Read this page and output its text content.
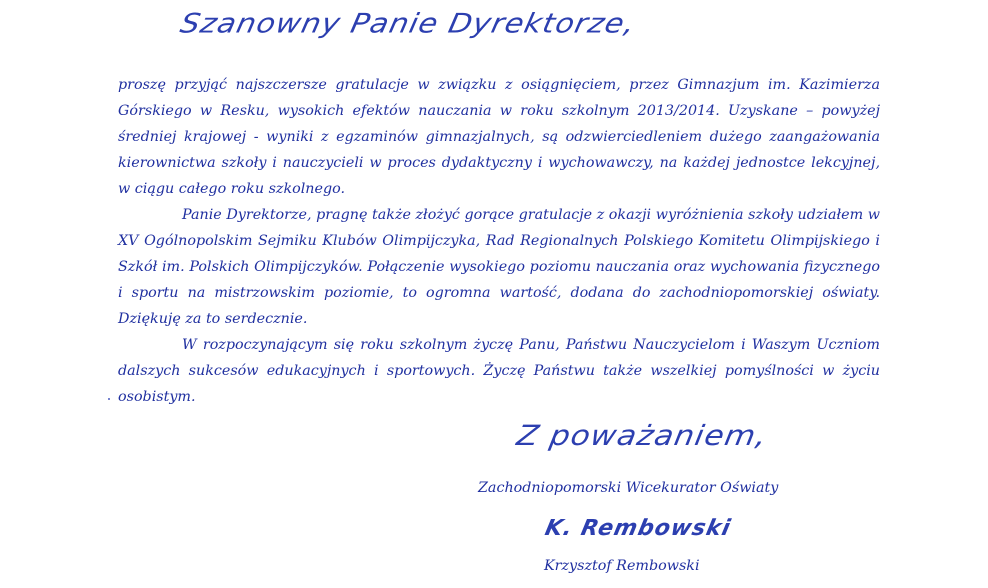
Szanowny Panie Dyrektorze,

proszę przyjąć najszczersze gratulacje w związku z osiągnięciem, przez Gimnazjum im. Kazimierza Górskiego w Resku, wysokich efektów nauczania w roku szkolnym 2013/2014. Uzyskane – powyżej średniej krajowej - wyniki z egzaminów gimnazjalnych, są odzwierciedleniem dużego zaangażowania kierownictwa szkoły i nauczycieli w proces dydaktyczny i wychowawczy, na każdej jednostce lekcyjnej, w ciągu całego roku szkolnego.

Panie Dyrektorze, pragnę także złożyć gorące gratulacje z okazji wyróżnienia szkoły udziałem w XV Ogólnopolskim Sejmiku Klubów Olimpijczyka, Rad Regionalnych Polskiego Komitetu Olimpijskiego i Szkół im. Polskich Olimpijczyków. Połączenie wysokiego poziomu nauczania oraz wychowania fizycznego i sportu na mistrzowskim poziomie, to ogromna wartość, dodana do zachodniopomorskiej oświaty. Dziękuję za to serdecznie.

W rozpoczynającym się roku szkolnym życzę Panu, Państwu Nauczycielom i Waszym Uczniom dalszych sukcesów edukacyjnych i sportowych. Życzę Państwu także wszelkiej pomyślności w życiu osobistym.

Z poważaniem,
Zachodniopomorski Wicekurator Oświaty
K. Rembowski
Krzysztof Rembowski
